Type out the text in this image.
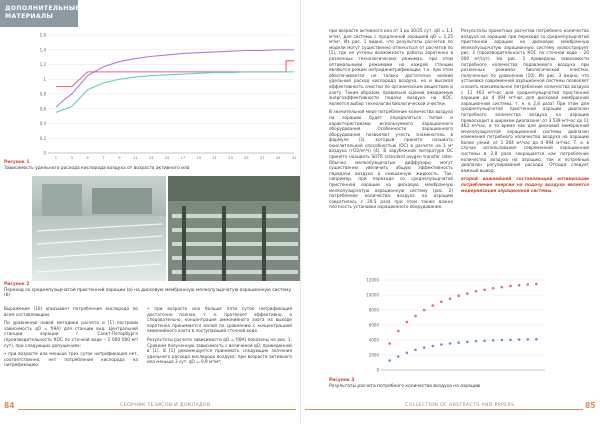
ДОПОЛНИТЕЛЬНЫЕ
МАТЕРИАЛЫ
0
0,2
0,4
0,6
0,8
1
1,2
1,4
1,6
1	3	5	7	9	11	13	15	17	19	21	23	25	27	29	31
Рисунок 1
Зависимость удельного расхода кислорода воздуха от возраста активного ила
Рисунок 2
Переход со среднепузырчатой пристенной аэрации (а) на дисковую мембранную мелкопузырчатую аэрационную систему (б)

Выражение (10) описывает потребление кислорода по всем составляющим.

По уравнению новой методики расчета и [1] построим зависимость qO = f(θA) для станции вед. Центральной станции аэрации г. Санкт-Петербурга (производительность КОС по сточной воде – 1 000 000 м³/сут), при следующих допущениях:

• при возрасте ила меньше трех суток нитрификация нет, соответственно, нет потребления кислорода на нитрификацию;

• при возрасте ила больше пяти суток нитрификация достаточно полная, т. е. протекает эффективно, а следовательно, концентрация аммонийного азота на выходе аэротенка принимается малой по сравнению с концентрацией аммонийного азота в поступающей сточной воде.

Результаты расчета зависимости qO = f(θA) показаны на рис. 1. Сравним полученную зависимость с величиной qO, приведенной в [1]. В [1] рекомендуется принимать следующие значения удельного расхода кислорода воздуха: при возрасте активного ила меньше 3 сут. qO = 0,9 м³/м³;

84	СБОРНИК ТЕЗИСОВ И ДОКЛАДОВ

при возрасте активного ила от 3 до 30/25 сут. qO = 1,1 м³/м³, для системы с продленной аэрацией qO = 1,25 м³/м³. Из рис. 1 видно, что результаты расчетов по модели могут существенно отличаться от расчетов по [1], где не учтены возможность работы аэротенка в различных технологических режимах, при этом оптимальными режимами на каждой станции являются режим нитриденитрификации, т.к. при этом обеспечивается не только достаточно низкий удельный расход кислорода воздуха, но и высокая эффективность очистки по органическим веществам и азоту. Таким образом, правильно оценив ожидаемую энергоэффективности подачи воздуха на КОС, является выбор технологии биологической очистки.

В значительной мере потребление количества воздуха на аэрацию будет определяться типом и характеристиками используемого аэрационного оборудования. Особенности аэрационного оборудования позволяют учесть знаменатель в формуле (3), который принято называть окислительной способностью (ОС) в расчете на 1 м³ воздуха (гО2/м³/ч) [4]. В зарубежной литературе ОС принято называть SOTR (standard oxygen transfer rate). Обычно мелкопузырчатые диффузоры могут существенно увеличить общую эффективность передачи воздуха в смешанную жидкость. Так, например, при переходе со среднепузырчатой пристенной аэрации на дисковую мембранную мелкопузырчатую аэрационную систему (рис. 2) потребление количества воздуха на аэрацию сократилось с 29,5 раза при этом также важна плотность установки аэрационного оборудования.

Результаты проектных расчетов потребного количества воздуха на аэрацию при переходе со среднепузырчатой пристенной аэрации на дисковую мембранную мелкопузырчатую аэрационную систему иллюстрирует рис. 3 (производительность КОС по сточной воде – 20 000 м³/сут). На рис. 3 приведены зависимости потребного количества подаваемого воздуха при различных режимах биологической очистки, полученные по уравнению (10). Из рис. 3 видно, что установка современной аэрационной системы позволяет снизить максимальное потребление количества воздуха с 11 463 м³/час для среднепузырчатой пристенной аэрации до 4 094 м³/час для дисковой мембранной аэрационной системы, т. е. в 2,8 раза! При этом для среднепузырчатой пристенной аэрации диапазон потребного количества воздуха на аэрацию превосходит в широком диапазоне: от 3 539 м³/час до 11 463 м³/час, в то время как для дисковой мембранной мелкопузырчатой аэрационной системы диапазон изменения потребного количества воздуха на аэрацию более узкий: от 1 264 м³/час до 4 094 м³/час. Т. е. в случае использования современной аэрационной системы в 2,8 раза сокращается как потребление количества воздуха на аэрацию, так и потребный диапазон регулирования расхода. Отсюда следует важный вывод:

второй важнейшей составляющей оптимизации потребления энергии на подачу воздуха является модернизация аэрационной системы.

0
2000
4000
6000
8000
10000
12000
Рисунок 3
Результаты расчета потребного количества воздуха на аэрацию
COLLECTION OF ABSTRACTS AND PAPERS	85
